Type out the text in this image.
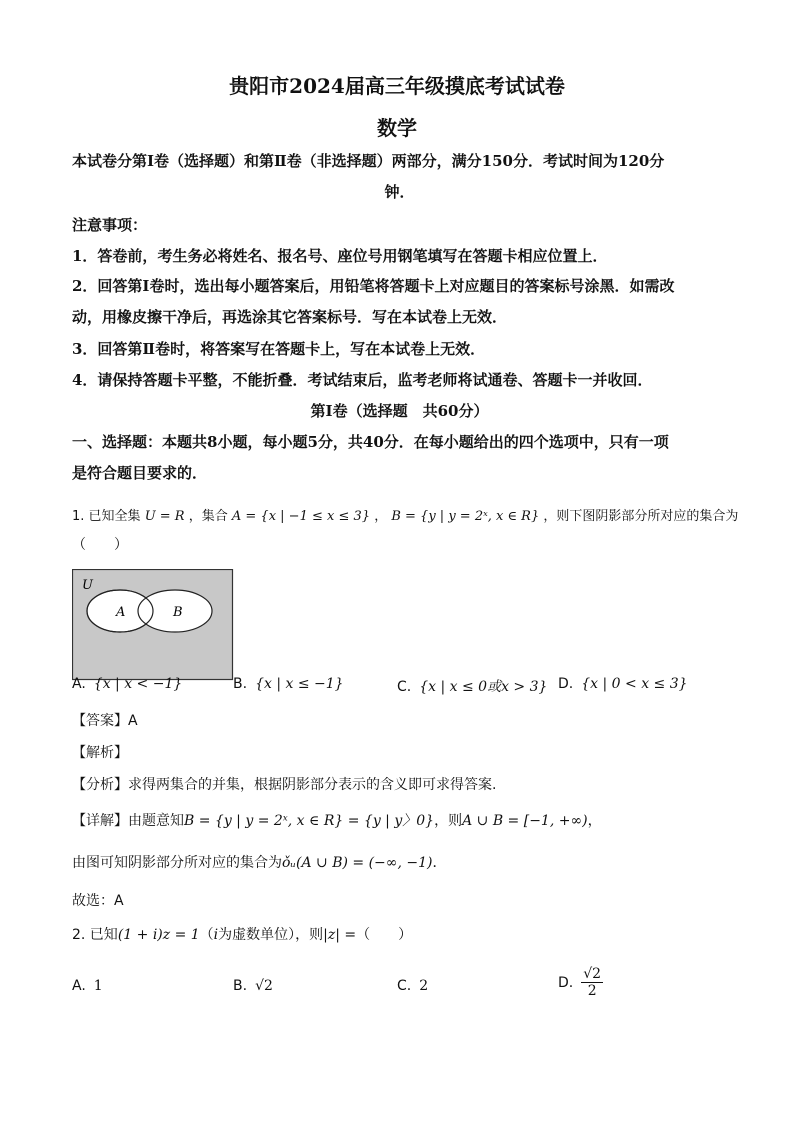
贵阳市2024届高三年级摸底考试试卷
数学
本试卷分第Ⅰ卷（选择题）和第Ⅱ卷（非选择题）两部分，满分150分．考试时间为120分
钟．
注意事项：
1．答卷前，考生务必将姓名、报名号、座位号用钢笔填写在答题卡相应位置上．
2．回答第Ⅰ卷时，选出每小题答案后，用铅笔将答题卡上对应题目的答案标号涂黑．如需改
动，用橡皮擦干净后，再选涂其它答案标号．写在本试卷上无效．
3．回答第Ⅱ卷时，将答案写在答题卡上，写在本试卷上无效．
4．请保持答题卡平整，不能折叠．考试结束后，监考老师将试通卷、答题卡一并收回．
第Ⅰ卷（选择题　共60分）
一、选择题：本题共8小题，每小题5分，共40分．在每小题给出的四个选项中，只有一项
是符合题目要求的．
1. 已知全集 U = R ，集合 A = {x | −1 ≤ x ≤ 3} ， B = {y | y = 2ˣ, x ∈ R} ，则下图阴影部分所对应的集合为
（　　）
U
A	B
A. {x | x < −1}	B. {x | x ≤ −1}	C. {x | x ≤ 0或x > 3} D. {x | 0 < x ≤ 3}
【答案】A
【解析】
【分析】求得两集合的并集，根据阴影部分表示的含义即可求得答案.
【详解】由题意知B = {y | y = 2ˣ, x ∈ R} = {y | y〉0}，则A ∪ B = [−1, +∞)，
由图可知阴影部分所对应的集合为ǒᵤ(A ∪ B) = (−∞, −1)．
故选：A
2. 已知(1 + i)z = 1（i为虚数单位），则|z| =（　　）
A. 1	B. √2	C. 2	D. $\frac{√2}{2}$
